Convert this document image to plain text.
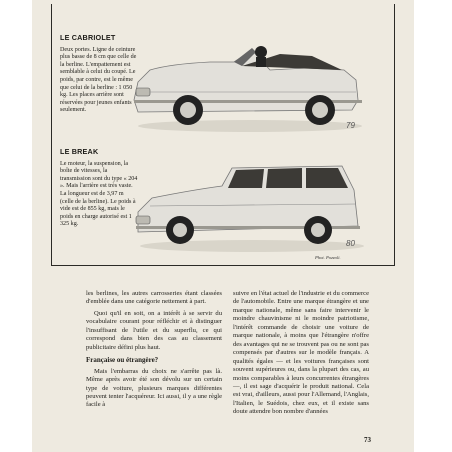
LE CABRIOLET
Deux portes. Ligne de ceinture plus basse de 8 cm que celle de la berline. L'empattement est semblable à celui du coupé. Le poids, par contre, est le même que celui de la berline : 1 050 kg. Les places arrière sont réservées pour jeunes enfants seulement.
79
LE BREAK
Le moteur, la suspension, la boîte de vitesses, la transmission sont du type « 204 ». Mais l'arrière est très vaste. La longueur est de 3,97 m (celle de la berline). Le poids à vide est de 855 kg, mais le poids en charge autorisé est 1 325 kg.
80
Phot. Pozzoli.

les berlines, les autres carrosseries étant classées d'emblée dans une catégorie nettement à part.

Quoi qu'il en soit, on a intérêt à se servir du vocabulaire courant pour réfléchir et à distinguer l'insuffisant de l'utile et du superflu, ce qui correspond dans bien des cas au classement publicitaire défini plus haut.

Française ou étrangère?

Mais l'embarras du choix ne s'arrête pas là. Même après avoir été son dévolu sur un certain type de voiture, plusieurs marques différentes peuvent tenter l'acquéreur. Ici aussi, il y a une règle facile à

suivre en l'état actuel de l'industrie et du commerce de l'automobile. Entre une marque étrangère et une marque nationale, même sans faire intervenir le moindre chauvinisme ni le moindre patriotisme, l'intérêt commande de choisir une voiture de marque nationale, à moins que l'étrangère n'offre des avantages qui ne se trouvent pas ou ne sont pas compensés par d'autres sur le modèle français. A qualités égales — et les voitures françaises sont souvent supérieures ou, dans la plupart des cas, au moins comparables à leurs concurrentes étrangères —, il est sage d'acquérir le produit national. Cela est vrai, d'ailleurs, aussi pour l'Allemand, l'Anglais, l'Italien, le Suédois, chez eux, et il existe sans doute attendre bon nombre d'années

73
